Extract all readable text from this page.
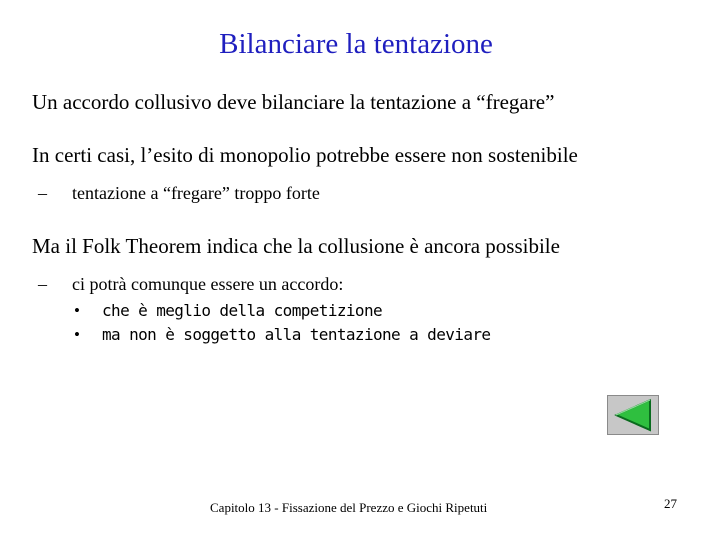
Bilanciare la tentazione
Un accordo collusivo deve bilanciare la tentazione a “fregare”
In certi casi, l’esito di monopolio potrebbe essere non sostenibile
– tentazione a “fregare” troppo forte
Ma il Folk Theorem indica che la collusione è ancora possibile
– ci potrà comunque essere un accordo:
• che è meglio della competizione
• ma non è soggetto alla tentazione a deviare
Capitolo 13 - Fissazione del Prezzo e Giochi Ripetuti	27
